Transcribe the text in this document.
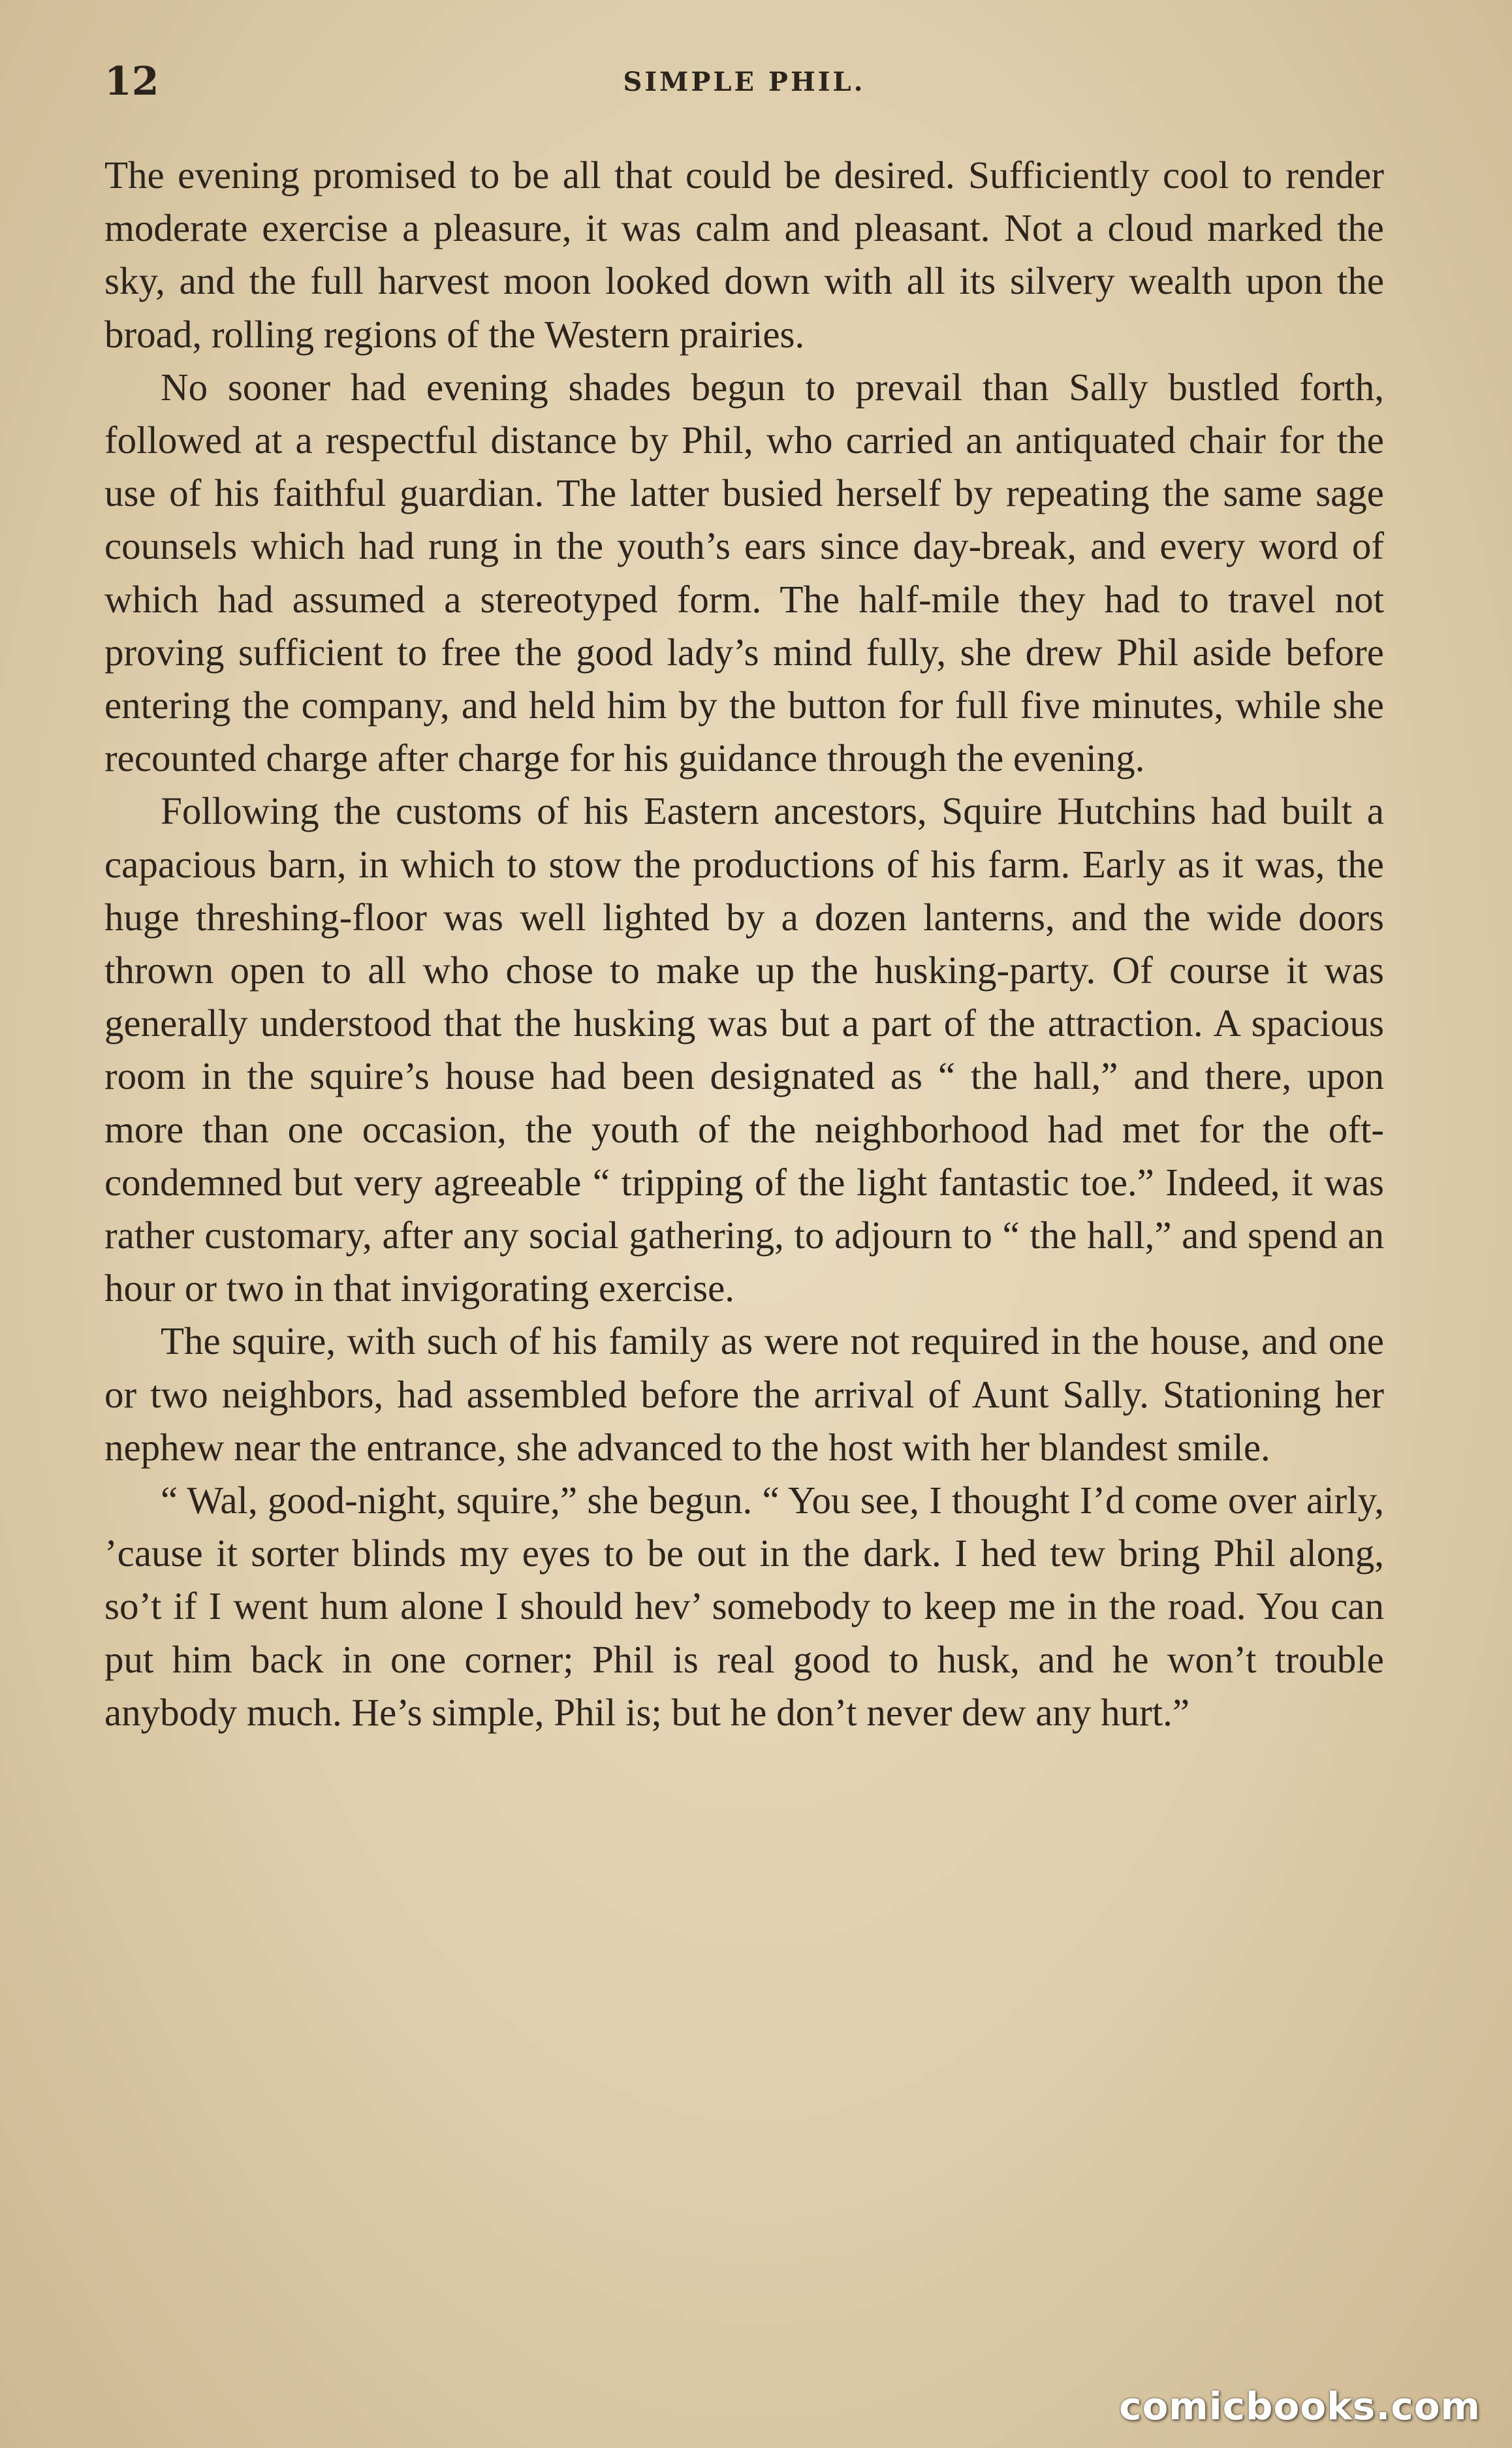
12	SIMPLE PHIL.

The evening promised to be all that could be desired. Sufficiently cool to render moderate exercise a pleasure, it was calm and pleasant. Not a cloud marked the sky, and the full harvest moon looked down with all its silvery wealth upon the broad, rolling regions of the Western prairies.

No sooner had evening shades begun to prevail than Sally bustled forth, followed at a respectful distance by Phil, who carried an antiquated chair for the use of his faithful guardian. The latter busied herself by repeating the same sage counsels which had rung in the youth’s ears since day-break, and every word of which had assumed a stereotyped form. The half-mile they had to travel not proving sufficient to free the good lady’s mind fully, she drew Phil aside before entering the company, and held him by the button for full five minutes, while she recounted charge after charge for his guidance through the evening.

Following the customs of his Eastern ancestors, Squire Hutchins had built a capacious barn, in which to stow the productions of his farm. Early as it was, the huge threshing-floor was well lighted by a dozen lanterns, and the wide doors thrown open to all who chose to make up the husking-party. Of course it was generally understood that the husking was but a part of the attraction. A spacious room in the squire’s house had been designated as “ the hall,” and there, upon more than one occasion, the youth of the neighborhood had met for the oft-condemned but very agreeable “ tripping of the light fantastic toe.” Indeed, it was rather customary, after any social gathering, to adjourn to “ the hall,” and spend an hour or two in that invigorating exercise.

The squire, with such of his family as were not required in the house, and one or two neighbors, had assembled before the arrival of Aunt Sally. Stationing her nephew near the entrance, she advanced to the host with her blandest smile.

“ Wal, good-night, squire,” she begun. “ You see, I thought I’d come over airly, ’cause it sorter blinds my eyes to be out in the dark. I hed tew bring Phil along, so’t if I went hum alone I should hev’ somebody to keep me in the road. You can put him back in one corner; Phil is real good to husk, and he won’t trouble anybody much. He’s simple, Phil is; but he don’t never dew any hurt.”

comicbooks.com
